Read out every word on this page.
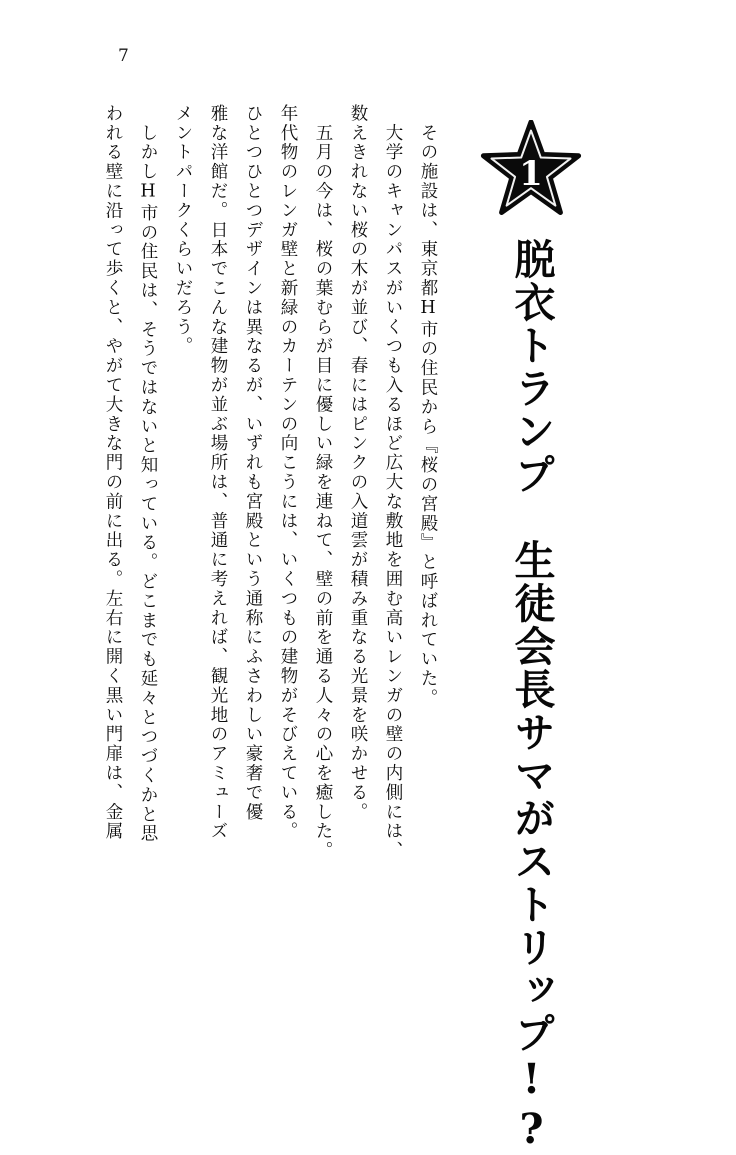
7
1
脱衣トランプ　生徒会長サマがストリップ!?
　その施設は、東京都H市の住民から『桜の宮殿』と呼ばれていた。
　大学のキャンパスがいくつも入るほど広大な敷地を囲む高いレンガの壁の内側には、
数えきれない桜の木が並び、春にはピンクの入道雲が積み重なる光景を咲かせる。
　五月の今は、桜の葉むらが目に優しい緑を連ねて、壁の前を通る人々の心を癒した。
年代物のレンガ壁と新緑のカーテンの向こうには、いくつもの建物がそびえている。
ひとつひとつデザインは異なるが、いずれも宮殿という通称にふさわしい豪奢で優
雅な洋館だ。日本でこんな建物が並ぶ場所は、普通に考えれば、観光地のアミューズ
メントパークくらいだろう。
　しかしH市の住民は、そうではないと知っている。どこまでも延々とつづくかと思
われる壁に沿って歩くと、やがて大きな門の前に出る。左右に開く黒い門扉は、金属
